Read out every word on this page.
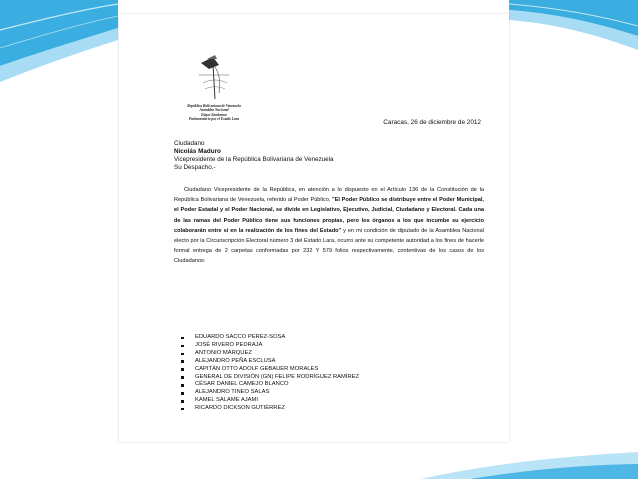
República Bolivariana de Venezuela
Asamblea Nacional
Edgar Zambrano
Parlamentario por el Estado Lara
Caracas, 26 de diciembre de 2012
Ciudadano
Nicolás Maduro
Vicepresidente de la República Bolivariana de Venezuela
Su Despacho.-
Ciudadano Vicepresidente de la República, en atención a lo dispuesto en el Artículo 136 de la Constitución de la República Bolivariana de Venezuela, referido al Poder Público, "El Poder Público se distribuye entre el Poder Municipal, el Poder Estadal y el Poder Nacional, se divide en Legislativo, Ejecutivo, Judicial, Ciudadano y Electoral. Cada una de las ramas del Poder Público tiene sus funciones propias, pero los órganos a los que incumbe su ejercicio colaborarán entre sí en la realización de los fines del Estado" y en mi condición de diputado de la Asamblea Nacional electo por la Circunscripción Electoral número 3 del Estado Lara, ocurro ante su competente autoridad a los fines de hacerle formal entrega de 2 carpetas conformadas por 232 Y 579 folios respectivamente, contentivas de los casos de los Ciudadanos:
EDUARDO SACCO PEREZ-SOSA
JOSÉ RIVERO PEDRAJA
ANTONIO MÁRQUEZ
ALEJANDRO PEÑA ESCLUSA
CAPITÁN OTTO ADOLF GEBAUER MORALES
GENERAL DE DIVISIÓN (GN) FELIPE RODRÍGUEZ RAMÍREZ
CÉSAR DANIEL CAMEJO BLANCO
ALEJANDRO TINEO SALAS
KAMEL SALAME AJAMI
RICARDO DICKSON GUTIÉRREZ
